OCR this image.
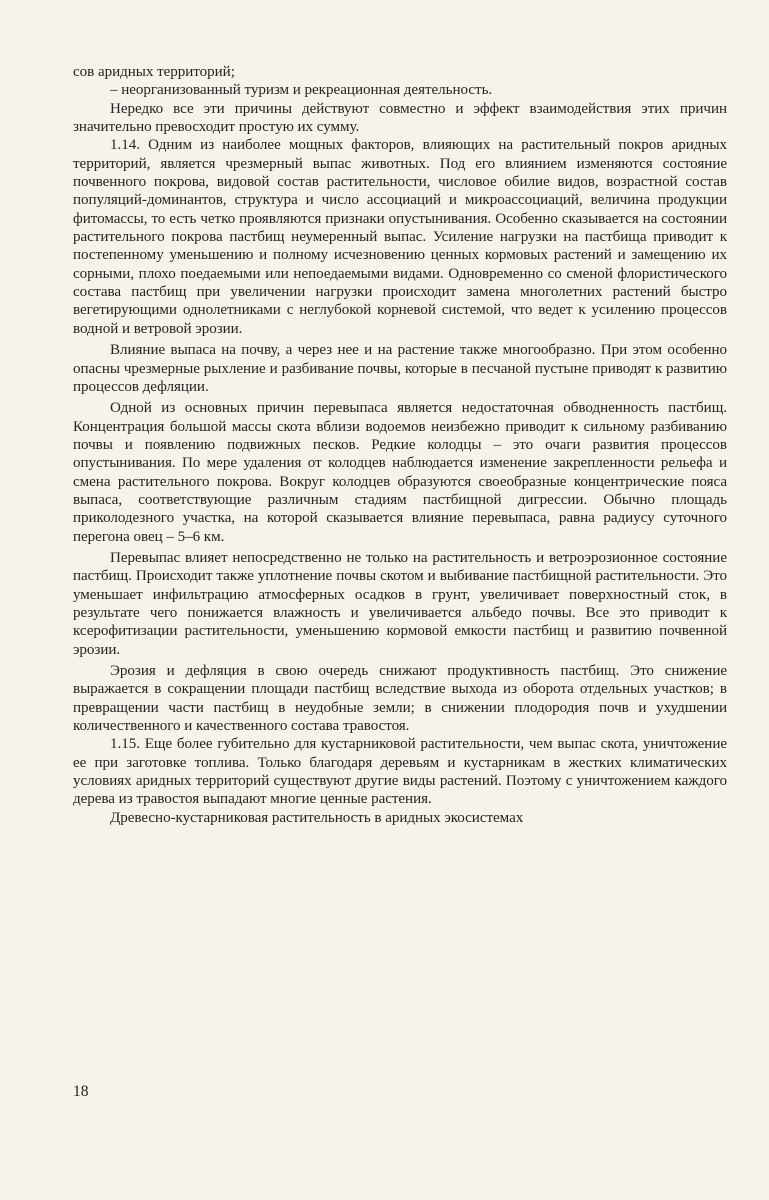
сов аридных территорий;

– неорганизованный туризм и рекреационная деятельность.

Нередко все эти причины действуют совместно и эффект взаимодействия этих причин значительно превосходит простую их сумму.

1.14. Одним из наиболее мощных факторов, влияющих на растительный покров аридных территорий, является чрезмерный выпас животных. Под его влиянием изменяются состояние почвенного покрова, видовой состав растительности, числовое обилие видов, возрастной состав популяций-доминантов, структура и число ассоциаций и микроассоциаций, величина продукции фитомассы, то есть четко проявляются признаки опустынивания. Особенно сказывается на состоянии растительного покрова пастбищ неумеренный выпас. Усиление нагрузки на пастбища приводит к постепенному уменьшению и полному исчезновению ценных кормовых растений и замещению их сорными, плохо поедаемыми или непоедаемыми видами. Одновременно со сменой флористического состава пастбищ при увеличении нагрузки происходит замена многолетних растений быстро вегетирующими однолетниками с неглубокой корневой системой, что ведет к усилению процессов водной и ветровой эрозии.

Влияние выпаса на почву, а через нее и на растение также многообразно. При этом особенно опасны чрезмерные рыхление и разбивание почвы, которые в песчаной пустыне приводят к развитию процессов дефляции.

Одной из основных причин перевыпаса является недостаточная обводненность пастбищ. Концентрация большой массы скота вблизи водоемов неизбежно приводит к сильному разбиванию почвы и появлению подвижных песков. Редкие колодцы – это очаги развития процессов опустынивания. По мере удаления от колодцев наблюдается изменение закрепленности рельефа и смена растительного покрова. Вокруг колодцев образуются своеобразные концентрические пояса выпаса, соответствующие различным стадиям пастбищной дигрессии. Обычно площадь приколодезного участка, на которой сказывается влияние перевыпаса, равна радиусу суточного перегона овец – 5–6 км.

Перевыпас влияет непосредственно не только на растительность и ветроэрозионное состояние пастбищ. Происходит также уплотнение почвы скотом и выбивание пастбищной растительности. Это уменьшает инфильтрацию атмосферных осадков в грунт, увеличивает поверхностный сток, в результате чего понижается влажность и увеличивается альбедо почвы. Все это приводит к ксерофитизации растительности, уменьшению кормовой емкости пастбищ и развитию почвенной эрозии.

Эрозия и дефляция в свою очередь снижают продуктивность пастбищ. Это снижение выражается в сокращении площади пастбищ вследствие выхода из оборота отдельных участков; в превращении части пастбищ в неудобные земли; в снижении плодородия почв и ухудшении количественного и качественного состава травостоя.

1.15. Еще более губительно для кустарниковой растительности, чем выпас скота, уничтожение ее при заготовке топлива. Только благодаря деревьям и кустарникам в жестких климатических условиях аридных территорий существуют другие виды растений. Поэтому с уничтожением каждого дерева из травостоя выпадают многие ценные растения.

Древесно-кустарниковая растительность в аридных экосистемах

18
